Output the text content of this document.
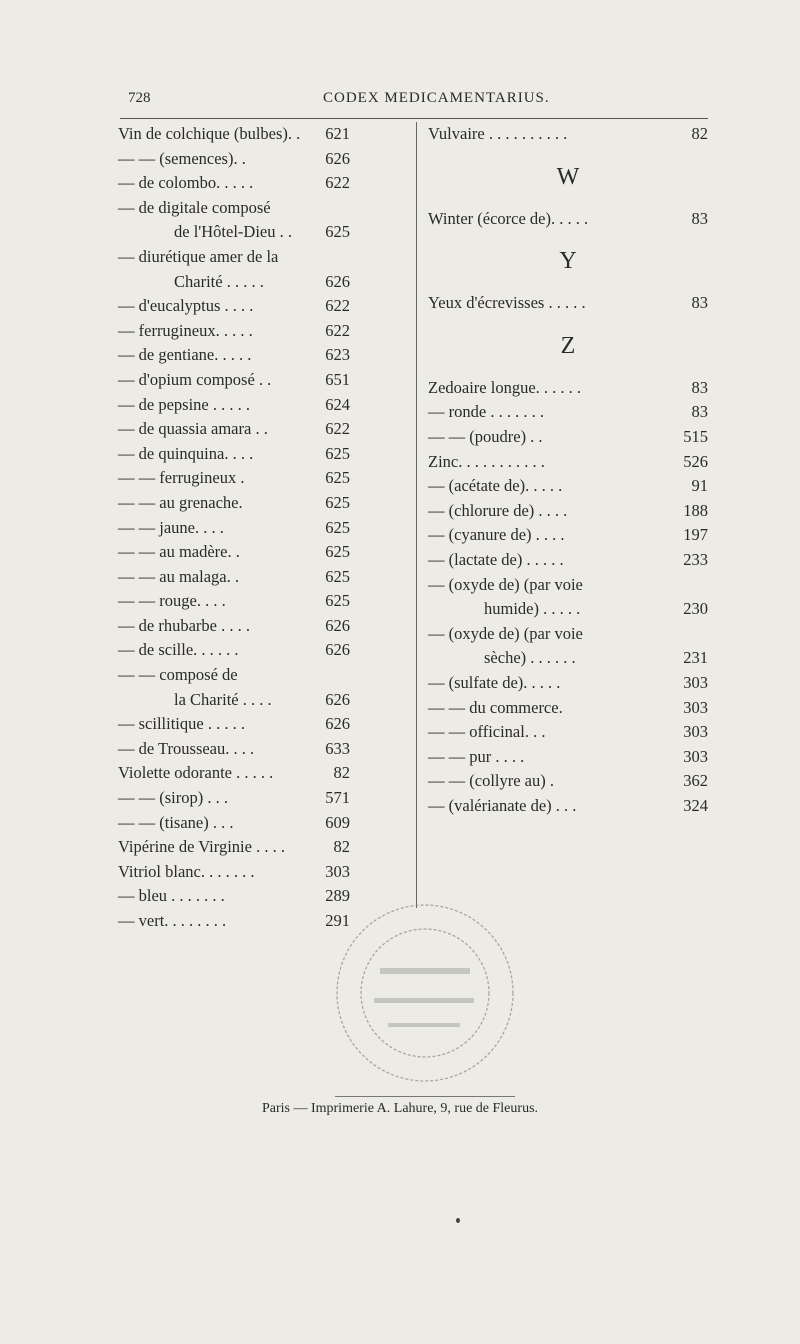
728	CODEX MEDICAMENTARIUS.
Vin de colchique (bulbes). . 621
— — (semences). .	626
— de colombo. . . . .	622
— de digitale composé
de l'Hôtel-Dieu . . 625
— diurétique amer de la
Charité . . . . .	626
— d'eucalyptus . . . .	622
— ferrugineux. . . . .	622
— de gentiane. . . . .	623
— d'opium composé . .	651
— de pepsine . . . . .	624
— de quassia amara . .	622
— de quinquina. . . .	625
— — ferrugineux .	625
— — au grenache.	625
— — jaune. . . .	625
— — au madère. .	625
— — au malaga. .	625
— — rouge. . . .	625
— de rhubarbe . . . .	626
— de scille. . . . . .	626
— — composé de
la Charité . . . .	626
— scillitique . . . . .	626
— de Trousseau. . . .	633
Violette odorante . . . . .	82
— — (sirop) . . .	571
— — (tisane) . . .	609
Vipérine de Virginie . . . .	82
Vitriol blanc. . . . . . .	303
— bleu . . . . . . .	289
— vert. . . . . . . .	291
Vulvaire . . . . . . . . . .	82
W
Winter (écorce de). . . . .	83
Y
Yeux d'écrevisses . . . . .	83
Z
Zedoaire longue. . . . . .	83
— ronde . . . . . . .	83
— — (poudre) . .	515
Zinc. . . . . . . . . . .	526
— (acétate de). . . . .	91
— (chlorure de) . . . .	188
— (cyanure de) . . . .	197
— (lactate de) . . . . .	233
— (oxyde de) (par voie
humide) . . . . .	230
— (oxyde de) (par voie
sèche) . . . . . .	231
— (sulfate de). . . . .	303
— — du commerce.	303
— — officinal. . .	303
— — pur . . . .	303
— — (collyre au) .	362
— (valérianate de) . . .	324
Paris — Imprimerie A. Lahure, 9, rue de Fleurus.
